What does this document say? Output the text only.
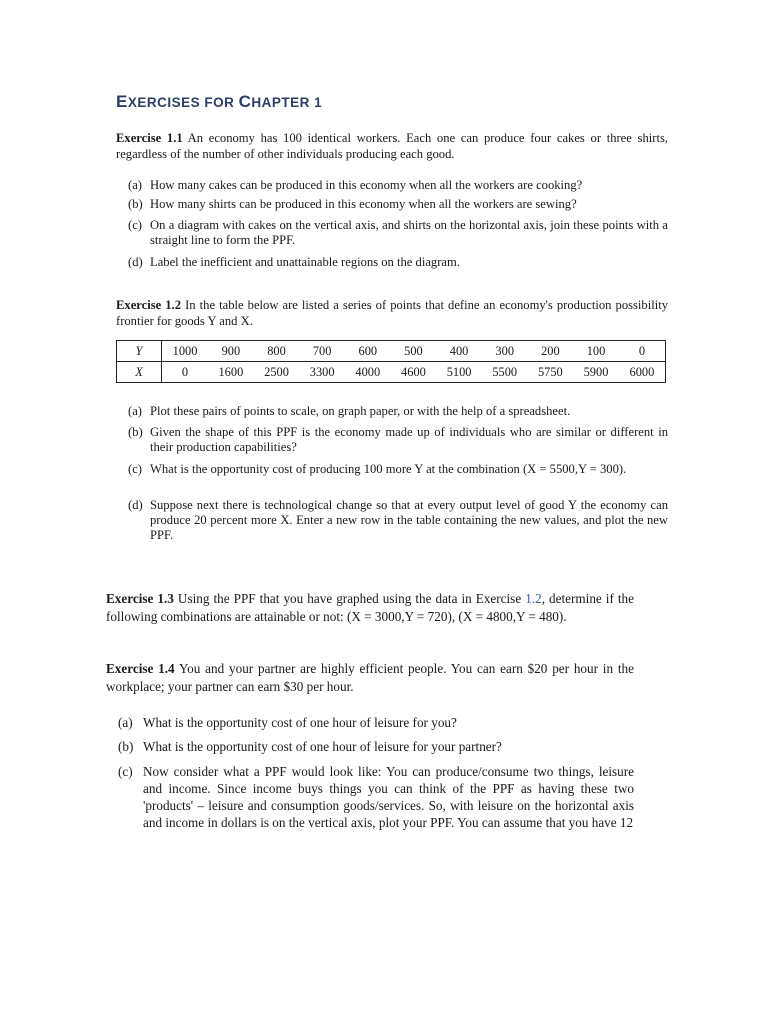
EXERCISES FOR CHAPTER 1
Exercise 1.1 An economy has 100 identical workers. Each one can produce four cakes or three shirts, regardless of the number of other individuals producing each good.
(a) How many cakes can be produced in this economy when all the workers are cooking?
(b) How many shirts can be produced in this economy when all the workers are sewing?
(c) On a diagram with cakes on the vertical axis, and shirts on the horizontal axis, join these points with a straight line to form the PPF.
(d) Label the inefficient and unattainable regions on the diagram.
Exercise 1.2 In the table below are listed a series of points that define an economy's production possibility frontier for goods Y and X.
Y	1000	900	800	700	600	500	400	300	200	100	0
X	0	1600	2500	3300	4000	4600	5100	5500	5750	5900	6000
(a) Plot these pairs of points to scale, on graph paper, or with the help of a spreadsheet.
(b) Given the shape of this PPF is the economy made up of individuals who are similar or different in their production capabilities?
(c) What is the opportunity cost of producing 100 more Y at the combination (X = 5500,Y = 300).
(d) Suppose next there is technological change so that at every output level of good Y the economy can produce 20 percent more X. Enter a new row in the table containing the new values, and plot the new PPF.
Exercise 1.3 Using the PPF that you have graphed using the data in Exercise 1.2, determine if the following combinations are attainable or not: (X = 3000,Y = 720), (X = 4800,Y = 480).
Exercise 1.4 You and your partner are highly efficient people. You can earn $20 per hour in the workplace; your partner can earn $30 per hour.
(a) What is the opportunity cost of one hour of leisure for you?
(b) What is the opportunity cost of one hour of leisure for your partner?
(c) Now consider what a PPF would look like: You can produce/consume two things, leisure and income. Since income buys things you can think of the PPF as having these two 'products' – leisure and consumption goods/services. So, with leisure on the horizontal axis and income in dollars is on the vertical axis, plot your PPF. You can assume that you have 12
